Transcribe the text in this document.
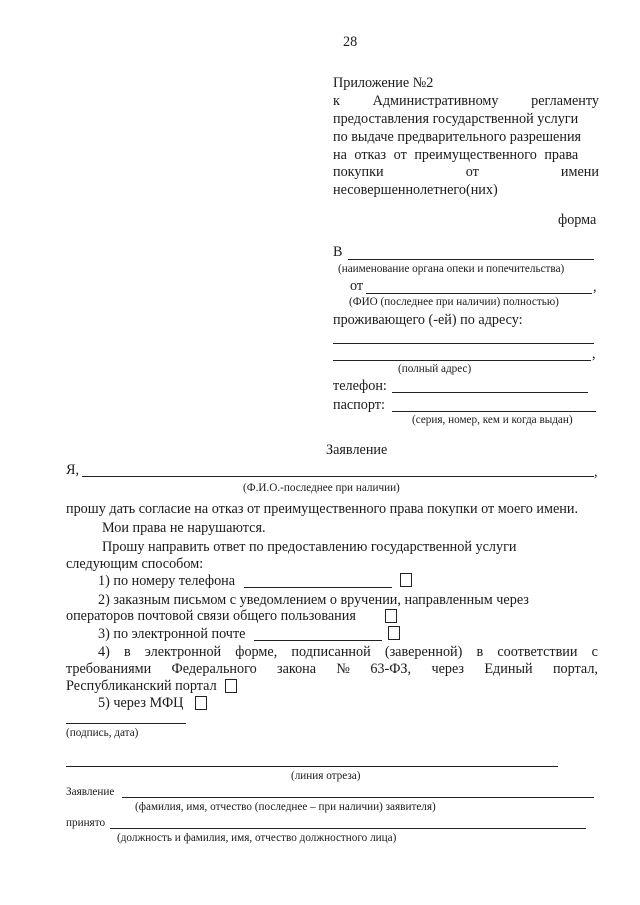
28
Приложение №2
к Административному регламенту
предоставления государственной услуги
по выдаче предварительного разрешения
на отказ от преимущественного права
покупки	от	имени
несовершеннолетнего(них)
форма
В
(наименование органа опеки и попечительства)
от	,
(ФИО (последнее при наличии) полностью)
проживающего (-ей) по адресу:
,
(полный адрес)
телефон:
паспорт:
(серия, номер, кем и когда выдан)
Заявление
Я,	,
(Ф.И.О.-последнее при наличии)
прошу дать согласие на отказ от преимущественного права покупки от моего имени.
Мои права не нарушаются.
Прошу направить ответ по предоставлению государственной услуги
следующим способом:
1) по номеру телефона
2) заказным письмом с уведомлением о вручении, направленным через
операторов почтовой связи общего пользования
3) по электронной почте
4) в электронной форме, подписанной (заверенной) в соответствии с
требованиями Федерального закона № 63-ФЗ, через Единый портал,
Республиканский портал
5) через МФЦ
(подпись, дата)
(линия отреза)
Заявление
(фамилия, имя, отчество (последнее – при наличии) заявителя)
принято
(должность и фамилия, имя, отчество должностного лица)
